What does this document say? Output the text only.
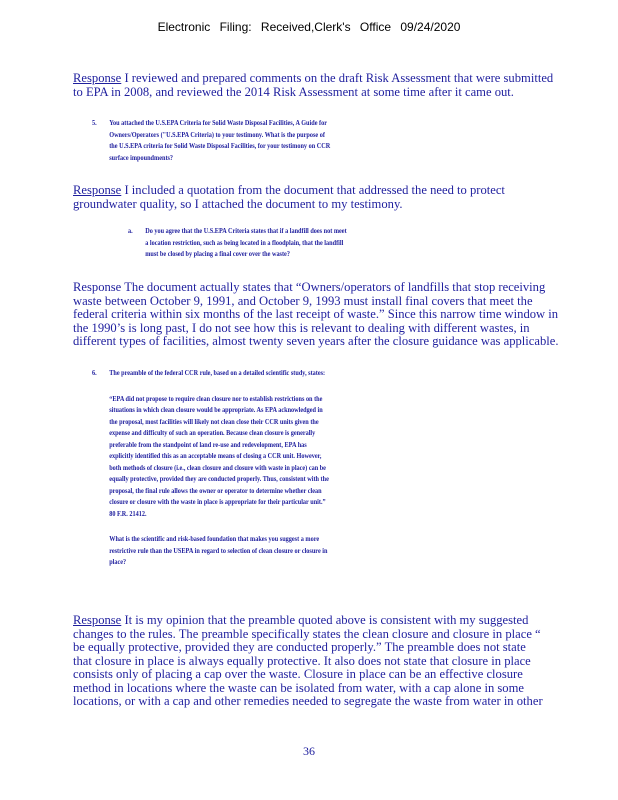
Electronic Filing: Received,Clerk's Office 09/24/2020

Response I reviewed and prepared comments on the draft Risk Assessment that were submitted

to EPA in 2008, and reviewed the 2014 Risk Assessment at some time after it came out.

5. You attached the U.S.EPA Criteria for Solid Waste Disposal Facilities, A Guide for

Owners/Operators ("U.S.EPA Criteria) to your testimony. What is the purpose of

the U.S.EPA criteria for Solid Waste Disposal Facilities, for your testimony on CCR

surface impoundments?

Response I included a quotation from the document that addressed the need to protect

groundwater quality, so I attached the document to my testimony.

a. Do you agree that the U.S.EPA Criteria states that if a landfill does not meet

a location restriction, such as being located in a floodplain, that the landfill

must be closed by placing a final cover over the waste?

Response The document actually states that “Owners/operators of landfills that stop receiving

waste between October 9, 1991, and October 9, 1993 must install final covers that meet the

federal criteria within six months of the last receipt of waste.” Since this narrow time window in

the 1990’s is long past, I do not see how this is relevant to dealing with different wastes, in

different types of facilities, almost twenty seven years after the closure guidance was applicable.

6. The preamble of the federal CCR rule, based on a detailed scientific study, states:

“EPA did not propose to require clean closure nor to establish restrictions on the

situations in which clean closure would be appropriate. As EPA acknowledged in

the proposal, most facilities will likely not clean close their CCR units given the

expense and difficulty of such an operation. Because clean closure is generally

preferable from the standpoint of land re-use and redevelopment, EPA has

explicitly identified this as an acceptable means of closing a CCR unit. However,

both methods of closure (i.e., clean closure and closure with waste in place) can be

equally protective, provided they are conducted properly. Thus, consistent with the

proposal, the final rule allows the owner or operator to determine whether clean

closure or closure with the waste in place is appropriate for their particular unit.”

80 F.R. 21412.

What is the scientific and risk-based foundation that makes you suggest a more

restrictive rule than the USEPA in regard to selection of clean closure or closure in

place?

Response It is my opinion that the preamble quoted above is consistent with my suggested

changes to the rules. The preamble specifically states the clean closure and closure in place “

be equally protective, provided they are conducted properly.” The preamble does not state

that closure in place is always equally protective. It also does not state that closure in place

consists only of placing a cap over the waste. Closure in place can be an effective closure

method in locations where the waste can be isolated from water, with a cap alone in some

locations, or with a cap and other remedies needed to segregate the waste from water in other

36
